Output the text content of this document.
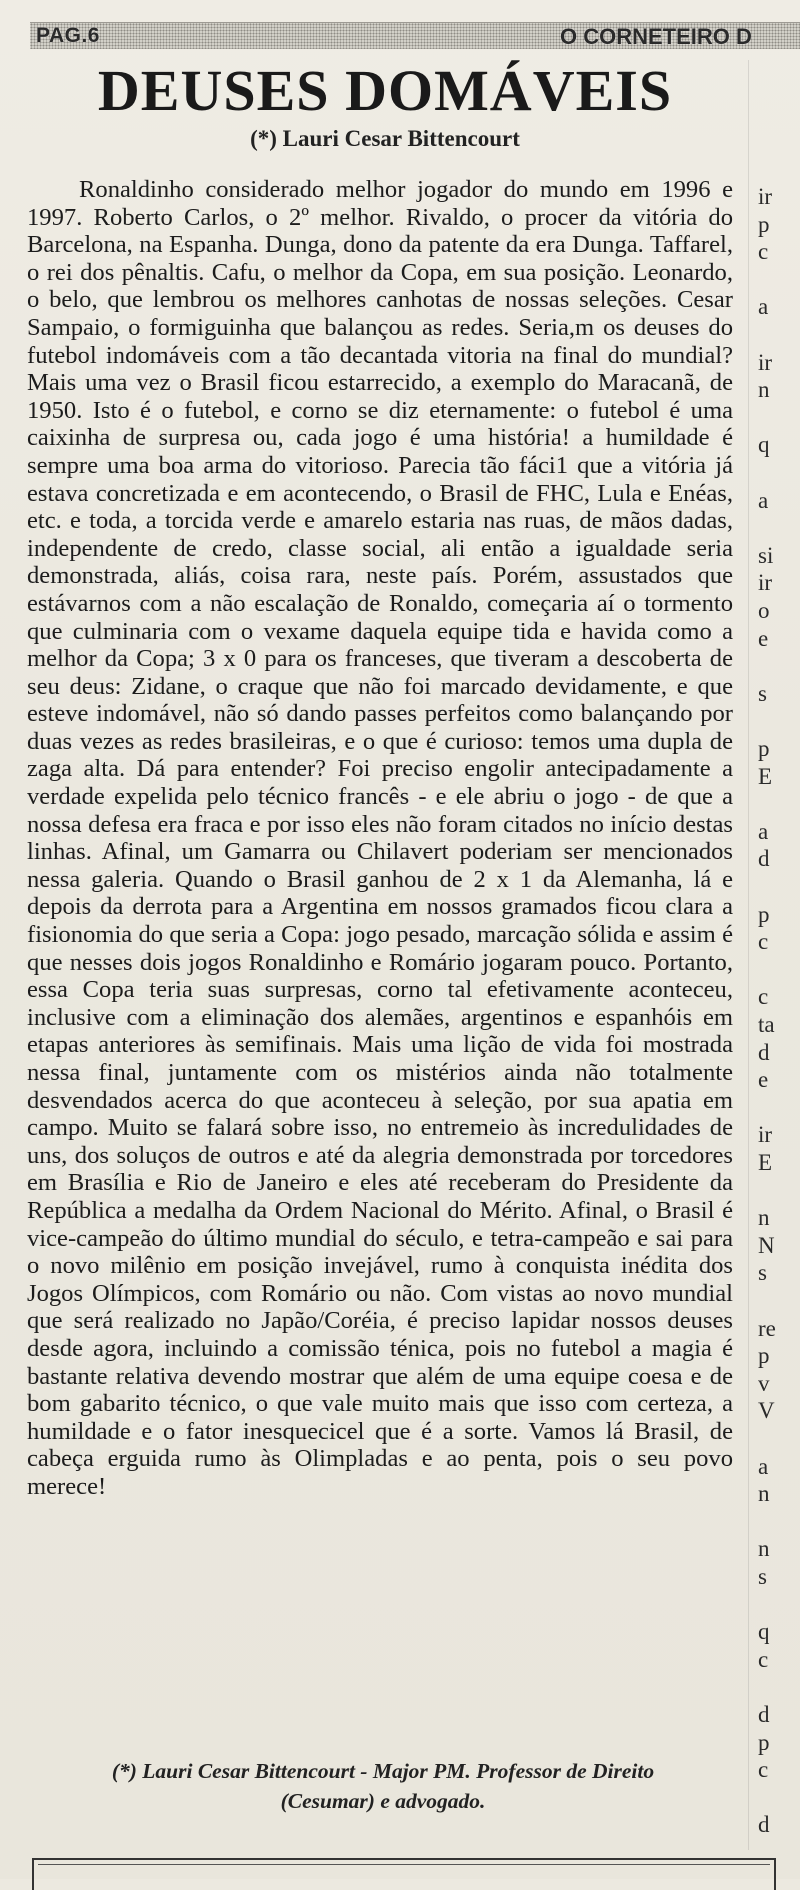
PAG.6	O CORNETEIRO D
DEUSES DOMÁVEIS

(*) Lauri Cesar Bittencourt

Ronaldinho considerado melhor jogador do mundo em 1996 e 1997. Roberto Carlos, o 2º melhor. Rivaldo, o procer da vitória do Barcelona, na Espanha. Dunga, dono da patente da era Dunga. Taffarel, o rei dos pênaltis. Cafu, o melhor da Copa, em sua posição. Leonardo, o belo, que lembrou os melhores canhotas de nossas seleções. Cesar Sampaio, o formiguinha que balançou as redes. Seria,m os deuses do futebol indomáveis com a tão decantada vitoria na final do mundial? Mais uma vez o Brasil ficou estarrecido, a exemplo do Maracanã, de 1950. Isto é o futebol, e corno se diz eternamente: o futebol é uma caixinha de surpresa ou, cada jogo é uma história! a humildade é sempre uma boa arma do vitorioso. Parecia tão fáci1 que a vitória já estava concretizada e em acontecendo, o Brasil de FHC, Lula e Enéas, etc. e toda, a torcida verde e amarelo estaria nas ruas, de mãos dadas, independente de credo, classe social, ali então a igualdade seria demonstrada, aliás, coisa rara, neste país. Porém, assustados que estávarnos com a não escalação de Ronaldo, começaria aí o tormento que culminaria com o vexame daquela equipe tida e havida como a melhor da Copa; 3 x 0 para os franceses, que tiveram a descoberta de seu deus: Zidane, o craque que não foi marcado devidamente, e que esteve indomável, não só dando passes perfeitos como balançando por duas vezes as redes brasileiras, e o que é curioso: temos uma dupla de zaga alta. Dá para entender? Foi preciso engolir antecipadamente a verdade expelida pelo técnico francês - e ele abriu o jogo - de que a nossa defesa era fraca e por isso eles não foram citados no início destas linhas. Afinal, um Gamarra ou Chilavert poderiam ser mencionados nessa galeria. Quando o Brasil ganhou de 2 x 1 da Alemanha, lá e depois da derrota para a Argentina em nossos gramados ficou clara a fisionomia do que seria a Copa: jogo pesado, marcação sólida e assim é que nesses dois jogos Ronaldinho e Romário jogaram pouco. Portanto, essa Copa teria suas surpresas, corno tal efetivamente aconteceu, inclusive com a eliminação dos alemães, argentinos e espanhóis em etapas anteriores às semifinais. Mais uma lição de vida foi mostrada nessa final, juntamente com os mistérios ainda não totalmente desvendados acerca do que aconteceu à seleção, por sua apatia em campo. Muito se falará sobre isso, no entremeio às incredulidades de uns, dos soluços de outros e até da alegria demonstrada por torcedores em Brasília e Rio de Janeiro e eles até receberam do Presidente da República a medalha da Ordem Nacional do Mérito. Afinal, o Brasil é vice-campeão do último mundial do século, e tetra-campeão e sai para o novo milênio em posição invejável, rumo à conquista inédita dos Jogos Olímpicos, com Romário ou não. Com vistas ao novo mundial que será realizado no Japão/Coréia, é preciso lapidar nossos deuses desde agora, incluindo a comissão ténica, pois no futebol a magia é bastante relativa devendo mostrar que além de uma equipe coesa e de bom gabarito técnico, o que vale muito mais que isso com certeza, a humildade e o fator inesquecicel que é a sorte. Vamos lá Brasil, de cabeça erguida rumo às Olimpladas e ao penta, pois o seu povo merece!

(*) Lauri Cesar Bittencourt - Major PM. Professor de Direito
(Cesumar) e advogado.
ir
p
c
a
ir
n
q
a
si
ir
o
e
s
p
E
a
d
p
c
c
ta
d
e
ir
E
n
N
s
re
p
v
V
a
n
n
s
q
c
d
p
c
d
